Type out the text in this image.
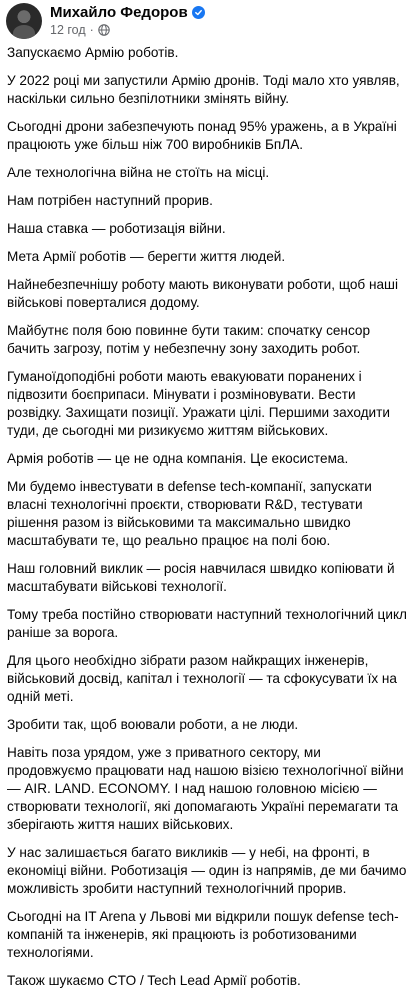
Михайло Федоров
12 год ·

Запускаємо Армію роботів.

У 2022 році ми запустили Армію дронів. Тоді мало хто уявляв, наскільки сильно безпілотники змінять війну.

Сьогодні дрони забезпечують понад 95% уражень, а в Україні працюють уже більш ніж 700 виробників БпЛА.

Але технологічна війна не стоїть на місці.

Нам потрібен наступний прорив.

Наша ставка — роботизація війни.

Мета Армії роботів — берегти життя людей.

Найнебезпечнішу роботу мають виконувати роботи, щоб наші військові поверталися додому.

Майбутнє поля бою повинне бути таким: спочатку сенсор бачить загрозу, потім у небезпечну зону заходить робот.

Гуманоїдоподібні роботи мають евакуювати поранених і підвозити боєприпаси. Мінувати і розміновувати. Вести розвідку. Захищати позиції. Уражати цілі. Першими заходити туди, де сьогодні ми ризикуємо життям військових.

Армія роботів — це не одна компанія. Це екосистема.

Ми будемо інвестувати в defense tech-компанії, запускати власні технологічні проєкти, створювати R&D, тестувати рішення разом із військовими та максимально швидко масштабувати те, що реально працює на полі бою.

Наш головний виклик — росія навчилася швидко копіювати й масштабувати військові технології.

Тому треба постійно створювати наступний технологічний цикл раніше за ворога.

Для цього необхідно зібрати разом найкращих інженерів, військовий досвід, капітал і технології — та сфокусувати їх на одній меті.

Зробити так, щоб воювали роботи, а не люди.

Навіть поза урядом, уже з приватного сектору, ми продовжуємо працювати над нашою візією технологічної війни — AIR. LAND. ECONOMY. І над нашою головною місією — створювати технології, які допомагають Україні перемагати та зберігають життя наших військових.

У нас залишається багато викликів — у небі, на фронті, в економіці війни. Роботизація — один із напрямів, де ми бачимо можливість зробити наступний технологічний прорив.

Сьогодні на IT Arena у Львові ми відкрили пошук defense tech-компаній та інженерів, які працюють із роботизованими технологіями.

Також шукаємо CTO / Tech Lead Армії роботів.
